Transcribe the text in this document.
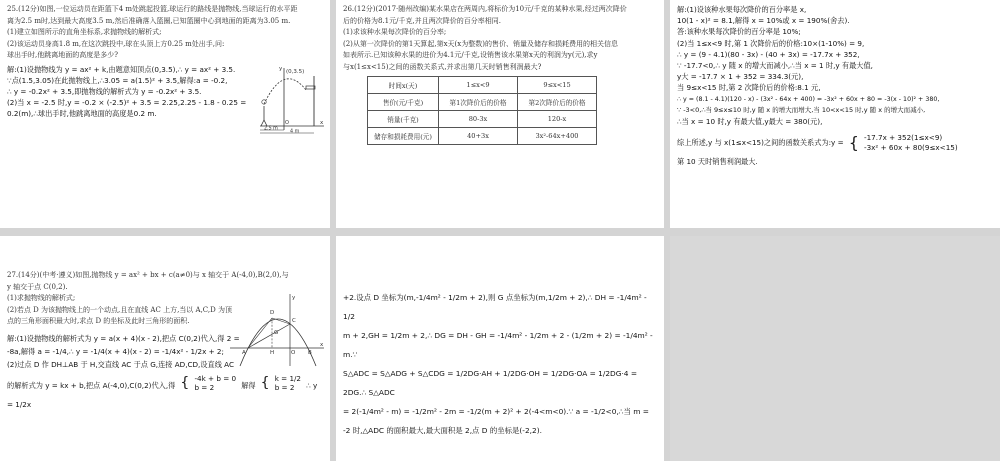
25.(12分)如图,一位运动员在距篮下4 m处跳起投篮,球运行的路线是抛物线,当球运行的水平距

离为2.5 m时,达到最大高度3.5 m,然后准确落入篮圈,已知篮圈中心到地面的距离为3.05 m.

(1)建立如图所示的直角坐标系,求抛物线的解析式;

(2)该运动员身高1.8 m,在这次跳投中,球在头顶上方0.25 m处出手,问:

球出手时,他跳离地面的高度是多少?

解:(1)设抛物线为 y = ax² + k,由题意知顶点(0,3.5),∴ y = ax² + 3.5.

∵点(1.5,3.05)在此抛物线上,∴3.05 = a(1.5)² + 3.5,解得:a = -0.2,

∴ y = -0.2x² + 3.5,即抛物线的解析式为 y = -0.2x² + 3.5.

(2)当 x = -2.5 时,y = -0.2 × (-2.5)² + 3.5 = 2.25,2.25 - 1.8 - 0.25 =

0.2(m),∴球出手时,他跳离地面的高度是0.2 m.

(0,3.5)
y
x
O
2.5 m
4 m

26.(12分)(2017·随州改编)某水果店在两周内,将标价为10元/千克的某种水果,经过两次降价

后的价格为8.1元/千克,并且两次降价的百分率相同.

(1)求该种水果每次降价的百分率;

(2)从第一次降价的第1天算起,第x天(x为整数)的售价、销量及储存和损耗费用的相关信息

如表所示.已知该种水果的进价为4.1元/千克,设销售该水果第x天的利润为y(元),求y

与x(1≤x<15)之间的函数关系式,并求出第几天时销售利润最大?

时间x(天)	1≤x<9	9≤x<15
售价(元/千克)	第1次降价后的价格	第2次降价后的价格
销量(千克)	80-3x	120-x
储存和损耗费用(元)	40+3x	3x²-64x+400

解:(1)设该种水果每次降价的百分率是 x,

10(1 - x)² = 8.1,解得 x = 10%或 x = 190%(舍去).

答:该种水果每次降价的百分率是 10%;

(2)当 1≤x<9 时,第 1 次降价后的价格:10×(1-10%) = 9,

∴ y = (9 - 4.1)(80 - 3x) - (40 + 3x) = -17.7x + 352,

∵ -17.7<0,∴ y 随 x 的增大而减小,∴当 x = 1 时,y 有最大值,

y大 = -17.7 × 1 + 352 = 334.3(元),

当 9≤x<15 时,第 2 次降价后的价格:8.1 元,

∴ y = (8.1 - 4.1)(120 - x) - (3x² - 64x + 400) = -3x² + 60x + 80 = -3(x - 10)² + 380,

∵ -3<0,∴当 9≤x≤10 时,y 随 x 的增大而增大,当 10<x<15 时,y 随 x 的增大而减小,

∴当 x = 10 时,y 有最大值,y最大 = 380(元),

综上所述,y 与 x(1≤x<15)之间的函数关系式为:y = { -17.7x + 352(1≤x<9)
-3x² + 60x + 80(9≤x<15)

第 10 天时销售利润最大.

27.(14分)(中考·遵义)如图,抛物线 y = ax² + bx + c(a≠0)与 x 轴交于 A(-4,0),B(2,0),与

y 轴交于点 C(0,2).

(1)求抛物线的解析式;

(2)若点 D 为该抛物线上的一个动点,且在直线 AC 上方,当以 A,C,D 为顶

点的三角形面积最大时,求点 D 的坐标及此时三角形的面积.

解:(1)设抛物线的解析式为 y = a(x + 4)(x - 2),把点 C(0,2)代入,得 2 =

-8a,解得 a = -1/4,∴ y = -1/4(x + 4)(x - 2) = -1/4x² - 1/2x + 2;

(2)过点 D 作 DH⊥AB 于 H,交直线 AC 于点 G,连接 AD,CD,设直线 AC

的解析式为 y = kx + b,把点 A(-4,0),C(0,2)代入,得 { -4k + b = 0
b = 2	解得 { k = 1/2
b = 2	∴ y = 1/2x
y
D
C
G
A	H	O B
x

+2.设点 D 坐标为(m,-1/4m² - 1/2m + 2),则 G 点坐标为(m,1/2m + 2),∴ DH = -1/4m² - 1/2

m + 2,GH = 1/2m + 2,∴ DG = DH - GH = -1/4m² - 1/2m + 2 - (1/2m + 2) = -1/4m² - m.∵

S△ADC = S△ADG + S△CDG = 1/2DG·AH + 1/2DG·OH = 1/2DG·OA = 1/2DG·4 = 2DG.∴ S△ADC

= 2(-1/4m² - m) = -1/2m² - 2m = -1/2(m + 2)² + 2(-4<m<0).∵ a = -1/2<0,∴当 m =

-2 时,△ADC 的面积最大,最大面积是 2,点 D 的坐标是(-2,2).
